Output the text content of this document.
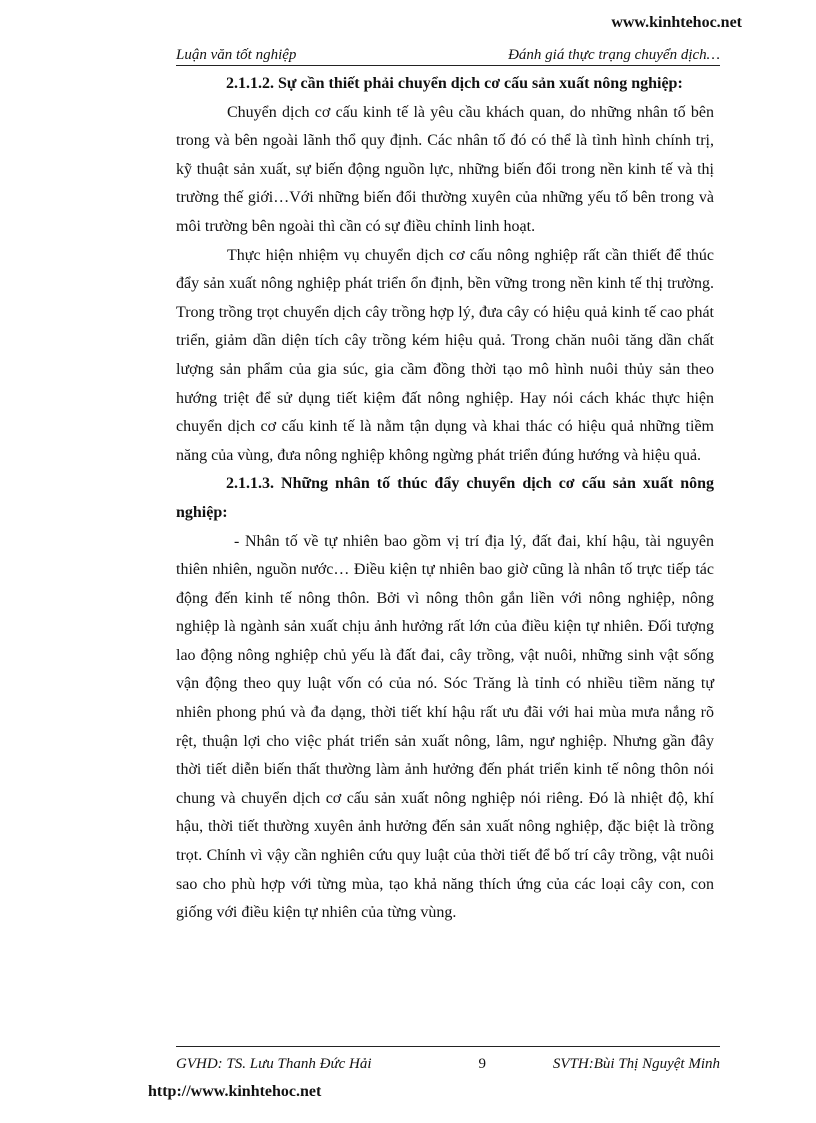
www.kinhtehoc.net
Luận văn tốt nghiệp	Đánh giá thực trạng chuyển dịch…

2.1.1.2. Sự cần thiết phải chuyển dịch cơ cấu sản xuất nông nghiệp:

Chuyển dịch cơ cấu kinh tế là yêu cầu khách quan, do những nhân tố bên trong và bên ngoài lãnh thổ quy định. Các nhân tố đó có thể là tình hình chính trị, kỹ thuật sản xuất, sự biến động nguồn lực, những biến đổi trong nền kinh tế và thị trường thế giới…Với những biến đổi thường xuyên của những yếu tố bên trong và môi trường bên ngoài thì cần có sự điều chỉnh linh hoạt.

Thực hiện nhiệm vụ chuyển dịch cơ cấu nông nghiệp rất cần thiết để thúc đẩy sản xuất nông nghiệp phát triển ổn định, bền vững trong nền kinh tế thị trường. Trong trồng trọt chuyển dịch cây trồng hợp lý, đưa cây có hiệu quả kinh tế cao phát triển, giảm dần diện tích cây trồng kém hiệu quả. Trong chăn nuôi tăng dần chất lượng sản phẩm của gia súc, gia cầm đồng thời tạo mô hình nuôi thủy sản theo hướng triệt để sử dụng tiết kiệm đất nông nghiệp. Hay nói cách khác thực hiện chuyển dịch cơ cấu kinh tế là nằm tận dụng và khai thác có hiệu quả những tiềm năng của vùng, đưa nông nghiệp không ngừng phát triển đúng hướng và hiệu quả.

2.1.1.3. Những nhân tố thúc đẩy chuyển dịch cơ cấu sản xuất nông nghiệp:

- Nhân tố về tự nhiên bao gồm vị trí địa lý, đất đai, khí hậu, tài nguyên thiên nhiên, nguồn nước… Điều kiện tự nhiên bao giờ cũng là nhân tố trực tiếp tác động đến kinh tế nông thôn. Bởi vì nông thôn gắn liền với nông nghiệp, nông nghiệp là ngành sản xuất chịu ảnh hưởng rất lớn của điều kiện tự nhiên. Đối tượng lao động nông nghiệp chủ yếu là đất đai, cây trồng, vật nuôi, những sinh vật sống vận động theo quy luật vốn có của nó. Sóc Trăng là tỉnh có nhiều tiềm năng tự nhiên phong phú và đa dạng, thời tiết khí hậu rất ưu đãi với hai mùa mưa nắng rõ rệt, thuận lợi cho việc phát triển sản xuất nông, lâm, ngư nghiệp. Nhưng gần đây thời tiết diễn biến thất thường làm ảnh hưởng đến phát triển kinh tế nông thôn nói chung và chuyển dịch cơ cấu sản xuất nông nghiệp nói riêng. Đó là nhiệt độ, khí hậu, thời tiết thường xuyên ảnh hưởng đến sản xuất nông nghiệp, đặc biệt là trồng trọt. Chính vì vậy cần nghiên cứu quy luật của thời tiết để bố trí cây trồng, vật nuôi sao cho phù hợp với từng mùa, tạo khả năng thích ứng của các loại cây con, con giống với điều kiện tự nhiên của từng vùng.

GVHD: TS. Lưu Thanh Đức Hải	9	SVTH:Bùi Thị Nguyệt Minh
http://www.kinhtehoc.net
